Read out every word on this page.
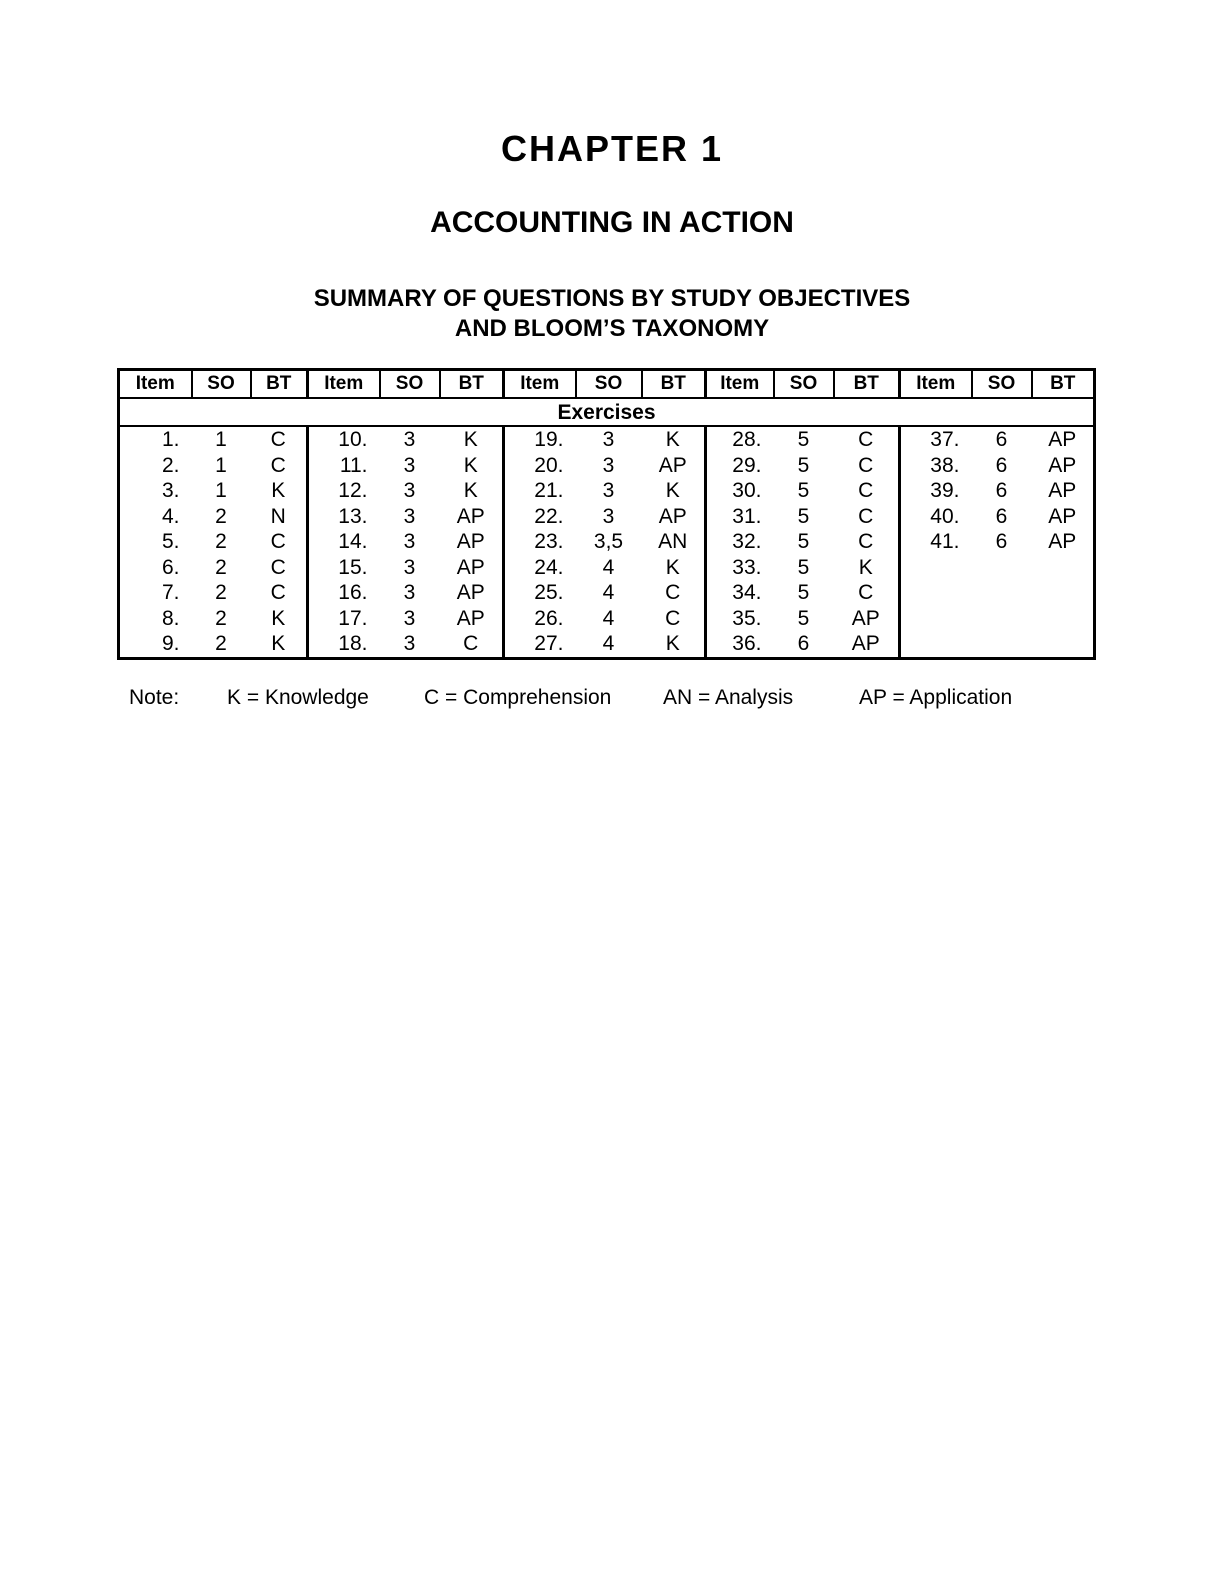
CHAPTER 1
ACCOUNTING IN ACTION
SUMMARY OF QUESTIONS BY STUDY OBJECTIVES
AND BLOOM’S TAXONOMY
Item	SO	BT	Item	SO	BT	Item	SO	BT	Item	SO	BT	Item	SO	BT
Exercises														
1.	1	C	10.	3	K	19.	3	K	28.	5	C	37.	6	AP
2.	1	C	11.	3	K	20.	3	AP	29.	5	C	38.	6	AP
3.	1	K	12.	3	K	21.	3	K	30.	5	C	39.	6	AP
4.	2	N	13.	3	AP	22.	3	AP	31.	5	C	40.	6	AP
5.	2	C	14.	3	AP	23.	3,5	AN	32.	5	C	41.	6	AP
6.	2	C	15.	3	AP	24.	4	K	33.	5	K			
7.	2	C	16.	3	AP	25.	4	C	34.	5	C			
8.	2	K	17.	3	AP	26.	4	C	35.	5	AP			
9.	2	K	18.	3	C	27.	4	K	36.	6	AP			
Note: K = Knowledge	C = Comprehension AN = Analysis	AP = Application
